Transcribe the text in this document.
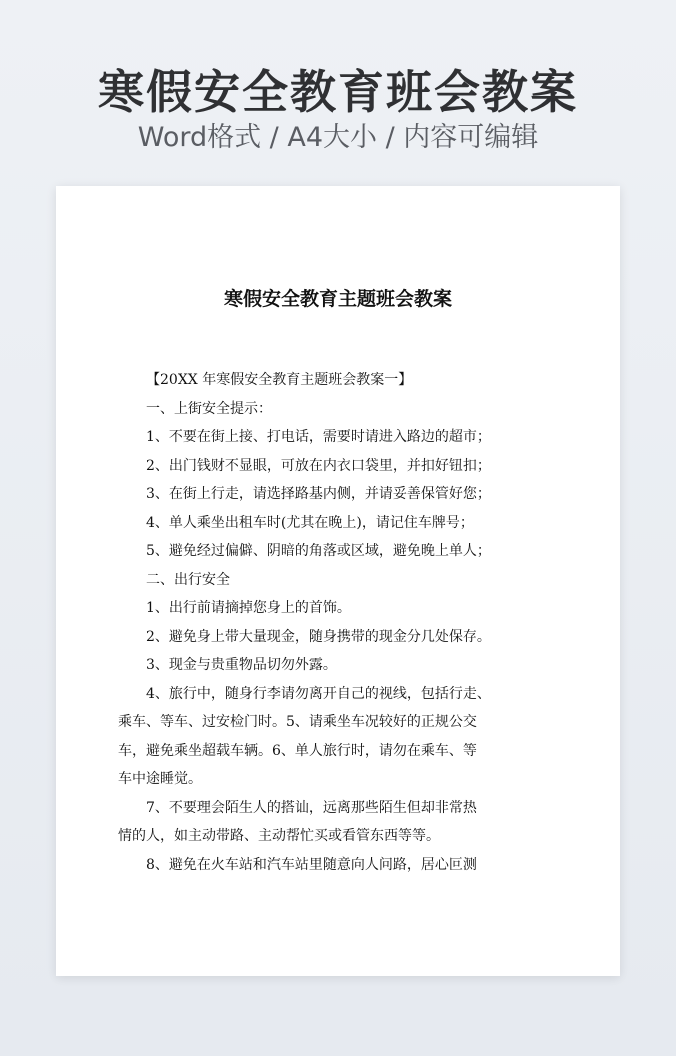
寒假安全教育班会教案
Word格式 / A4大小 / 内容可编辑
寒假安全教育主题班会教案
【20XX 年寒假安全教育主题班会教案一】
一、上街安全提示：
1、不要在街上接、打电话，需要时请进入路边的超市；
2、出门钱财不显眼，可放在内衣口袋里，并扣好钮扣；
3、在街上行走，请选择路基内侧，并请妥善保管好您；
4、单人乘坐出租车时(尤其在晚上)，请记住车牌号；
5、避免经过偏僻、阴暗的角落或区域，避免晚上单人；
二、出行安全
1、出行前请摘掉您身上的首饰。
2、避免身上带大量现金，随身携带的现金分几处保存。
3、现金与贵重物品切勿外露。
4、旅行中，随身行李请勿离开自己的视线，包括行走、
乘车、等车、过安检门时。5、请乘坐车况较好的正规公交
车，避免乘坐超载车辆。6、单人旅行时，请勿在乘车、等
车中途睡觉。
7、不要理会陌生人的搭讪，远离那些陌生但却非常热
情的人，如主动带路、主动帮忙买或看管东西等等。
8、避免在火车站和汽车站里随意向人问路，居心叵测
